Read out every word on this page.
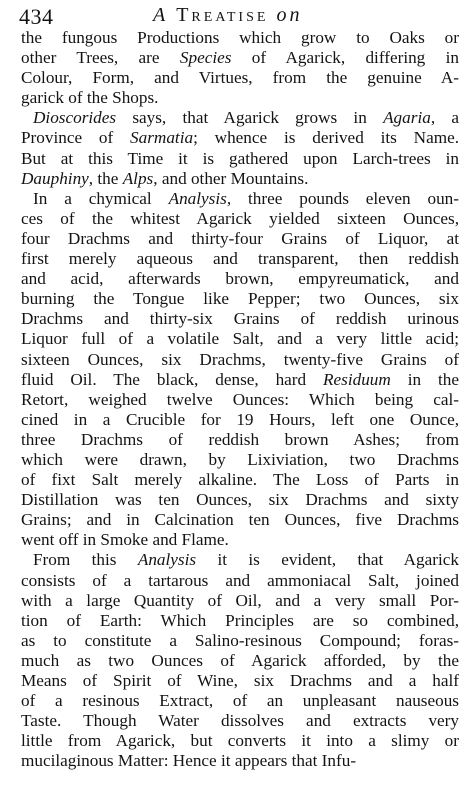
434	A Treatise on
the fungous Productions which grow to Oaks or
other Trees, are Species of Agarick, differing in
Colour, Form, and Virtues, from the genuine A-
garick of the Shops.
Dioscorides says, that Agarick grows in Agaria, a
Province of Sarmatia; whence is derived its Name.
But at this Time it is gathered upon Larch-trees in
Dauphiny, the Alps, and other Mountains.
In a chymical Analysis, three pounds eleven oun-
ces of the whitest Agarick yielded sixteen Ounces,
four Drachms and thirty-four Grains of Liquor, at
first merely aqueous and transparent, then reddish
and acid, afterwards brown, empyreumatick, and
burning the Tongue like Pepper; two Ounces, six
Drachms and thirty-six Grains of reddish urinous
Liquor full of a volatile Salt, and a very little acid;
sixteen Ounces, six Drachms, twenty-five Grains of
fluid Oil. The black, dense, hard Residuum in the
Retort, weighed twelve Ounces: Which being cal-
cined in a Crucible for 19 Hours, left one Ounce,
three Drachms of reddish brown Ashes; from
which were drawn, by Lixiviation, two Drachms
of fixt Salt merely alkaline. The Loss of Parts in
Distillation was ten Ounces, six Drachms and sixty
Grains; and in Calcination ten Ounces, five Drachms
went off in Smoke and Flame.
From this Analysis it is evident, that Agarick
consists of a tartarous and ammoniacal Salt, joined
with a large Quantity of Oil, and a very small Por-
tion of Earth: Which Principles are so combined,
as to constitute a Salino-resinous Compound; foras-
much as two Ounces of Agarick afforded, by the
Means of Spirit of Wine, six Drachms and a half
of a resinous Extract, of an unpleasant nauseous
Taste. Though Water dissolves and extracts very
little from Agarick, but converts it into a slimy or
mucilaginous Matter: Hence it appears that Infu-
